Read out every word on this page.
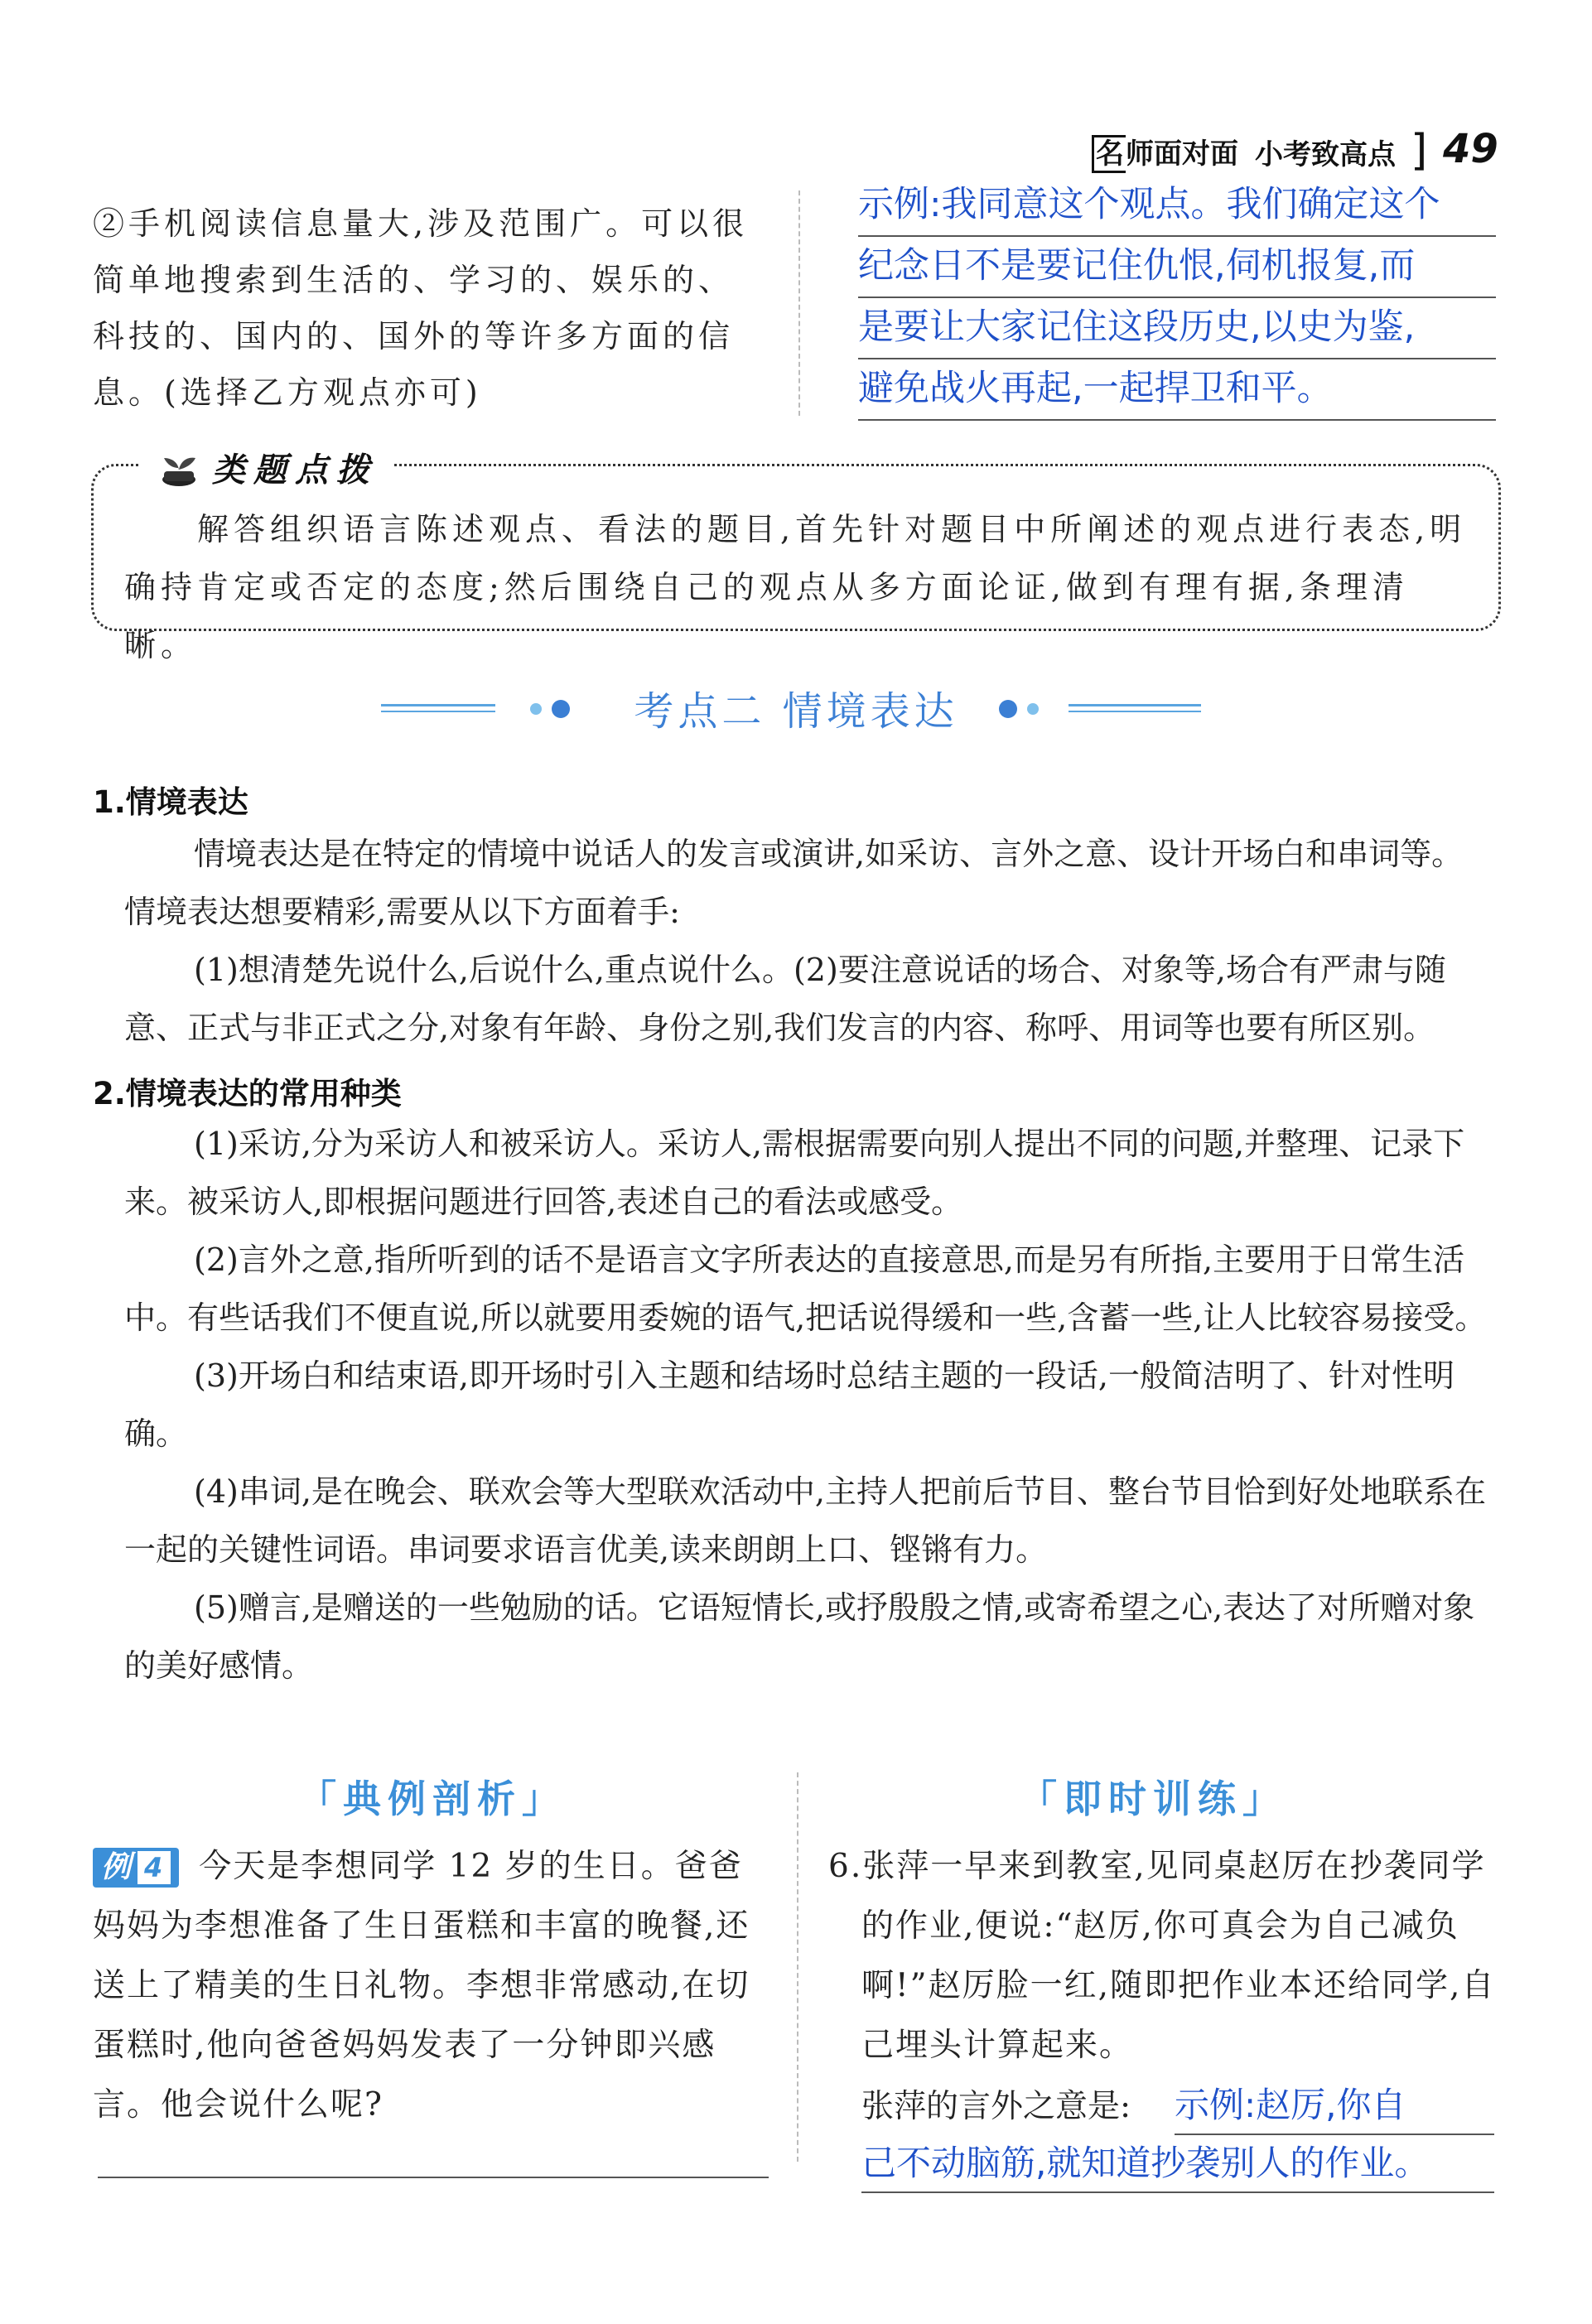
名师面对面 小考致高点 ] 49
②手机阅读信息量大,涉及范围广。可以很简单地搜索到生活的、学习的、娱乐的、科技的、国内的、国外的等许多方面的信息。(选择乙方观点亦可)
示例:我同意这个观点。我们确定这个
纪念日不是要记住仇恨,伺机报复,而
是要让大家记住这段历史,以史为鉴,
避免战火再起,一起捍卫和平。
类题点拨
解答组织语言陈述观点、看法的题目,首先针对题目中所阐述的观点进行表态,明确持肯定或否定的态度;然后围绕自己的观点从多方面论证,做到有理有据,条理清晰。
考点二 情境表达
1.情境表达

情境表达是在特定的情境中说话人的发言或演讲,如采访、言外之意、设计开场白和串词等。情境表达想要精彩,需要从以下方面着手:

(1)想清楚先说什么,后说什么,重点说什么。(2)要注意说话的场合、对象等,场合有严肃与随意、正式与非正式之分,对象有年龄、身份之别,我们发言的内容、称呼、用词等也要有所区别。

2.情境表达的常用种类

(1)采访,分为采访人和被采访人。采访人,需根据需要向别人提出不同的问题,并整理、记录下来。被采访人,即根据问题进行回答,表述自己的看法或感受。

(2)言外之意,指所听到的话不是语言文字所表达的直接意思,而是另有所指,主要用于日常生活中。有些话我们不便直说,所以就要用委婉的语气,把话说得缓和一些,含蓄一些,让人比较容易接受。

(3)开场白和结束语,即开场时引入主题和结场时总结主题的一段话,一般简洁明了、针对性明确。

(4)串词,是在晚会、联欢会等大型联欢活动中,主持人把前后节目、整台节目恰到好处地联系在一起的关键性词语。串词要求语言优美,读来朗朗上口、铿锵有力。

(5)赠言,是赠送的一些勉励的话。它语短情长,或抒殷殷之情,或寄希望之心,表达了对所赠对象的美好感情。

「典例剖析」
例 4 今天是李想同学 12 岁的生日。爸爸妈妈为李想准备了生日蛋糕和丰富的晚餐,还送上了精美的生日礼物。李想非常感动,在切蛋糕时,他向爸爸妈妈发表了一分钟即兴感言。他会说什么呢?
「即时训练」
6.张萍一早来到教室,见同桌赵厉在抄袭同学的作业,便说:“赵厉,你可真会为自己减负啊!”赵厉脸一红,随即把作业本还给同学,自己埋头计算起来。
张萍的言外之意是: 示例:赵厉,你自
己不动脑筋,就知道抄袭别人的作业。
